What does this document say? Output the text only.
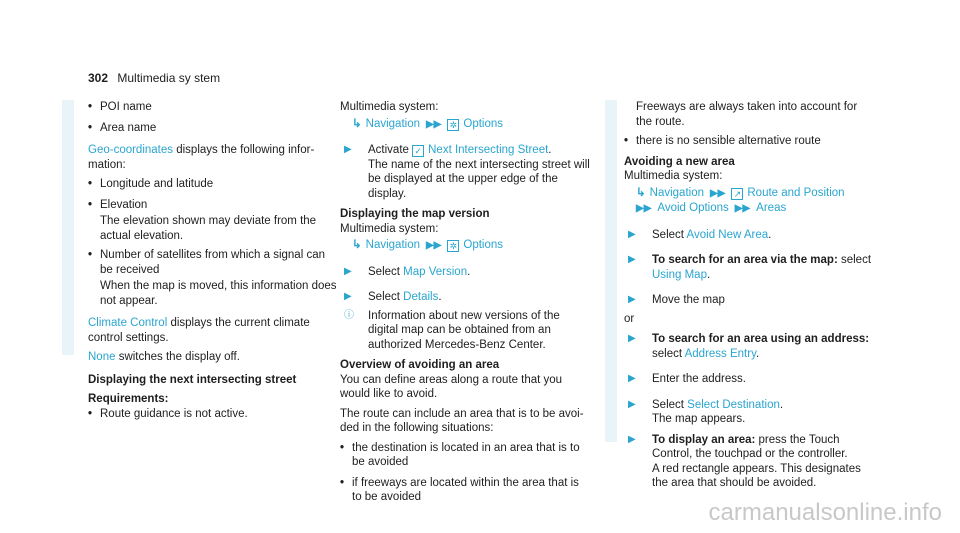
302 Multimedia sy stem
• POI name
• Area name
Geo-coordinates displays the following infor- mation:
• Longitude and latitude
• Elevation
The elevation shown may deviate from the actual elevation.
• Number of satellites from which a signal can be received
When the map is moved, this information does not appear.
Climate Control displays the current climate control settings.
None switches the display off.
Displaying the next intersecting street
Requirements:
• Route guidance is not active.
Multimedia system:
↳ Navigation ▶▶ ✲ Options
▶	Activate ✓ Next Intersecting Street.
The name of the next intersecting street will be displayed at the upper edge of the display.
Displaying the map version
Multimedia system:
↳ Navigation ▶▶ ✲ Options
▶	Select Map Version.
▶	Select Details.
ⓘ	Information about new versions of the digital map can be obtained from an authorized Mercedes-Benz Center.
Overview of avoiding an area
You can define areas along a route that you would like to avoid.
The route can include an area that is to be avoi- ded in the following situations:
• the destination is located in an area that is to be avoided
• if freeways are located within the area that is to be avoided
Freeways are always taken into account for the route.
• there is no sensible alternative route
Avoiding a new area
Multimedia system:
↳ Navigation ▶▶ ↗ Route and Position
▶▶ Avoid Options ▶▶ Areas
▶	Select Avoid New Area.
▶	To search for an area via the map: select
Using Map.
▶	Move the map
or
▶	To search for an area using an address:
select Address Entry.
▶	Enter the address.
▶	Select Select Destination.
The map appears.
▶	To display an area: press the Touch Control, the touchpad or the controller.
A red rectangle appears. This designates the area that should be avoided.
carmanualsonline.info
